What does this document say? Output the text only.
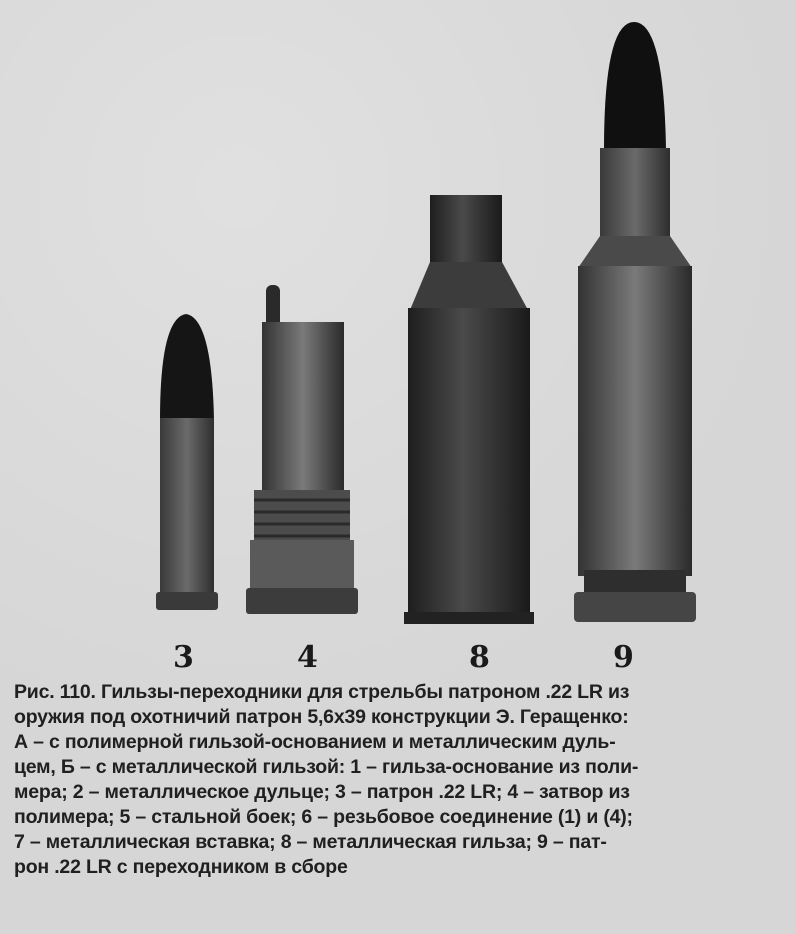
3	4	8	9
Рис. 110. Гильзы-переходники для стрельбы патроном .22 LR из
оружия под охотничий патрон 5,6х39 конструкции Э. Геращенко:
А – с полимерной гильзой-основанием и металлическим дуль-
цем, Б – с металлической гильзой: 1 – гильза-основание из поли-
мера; 2 – металлическое дульце; 3 – патрон .22 LR; 4 – затвор из
полимера; 5 – стальной боек; 6 – резьбовое соединение (1) и (4);
7 – металлическая вставка; 8 – металлическая гильза; 9 – пат-
рон .22 LR с переходником в сборе
